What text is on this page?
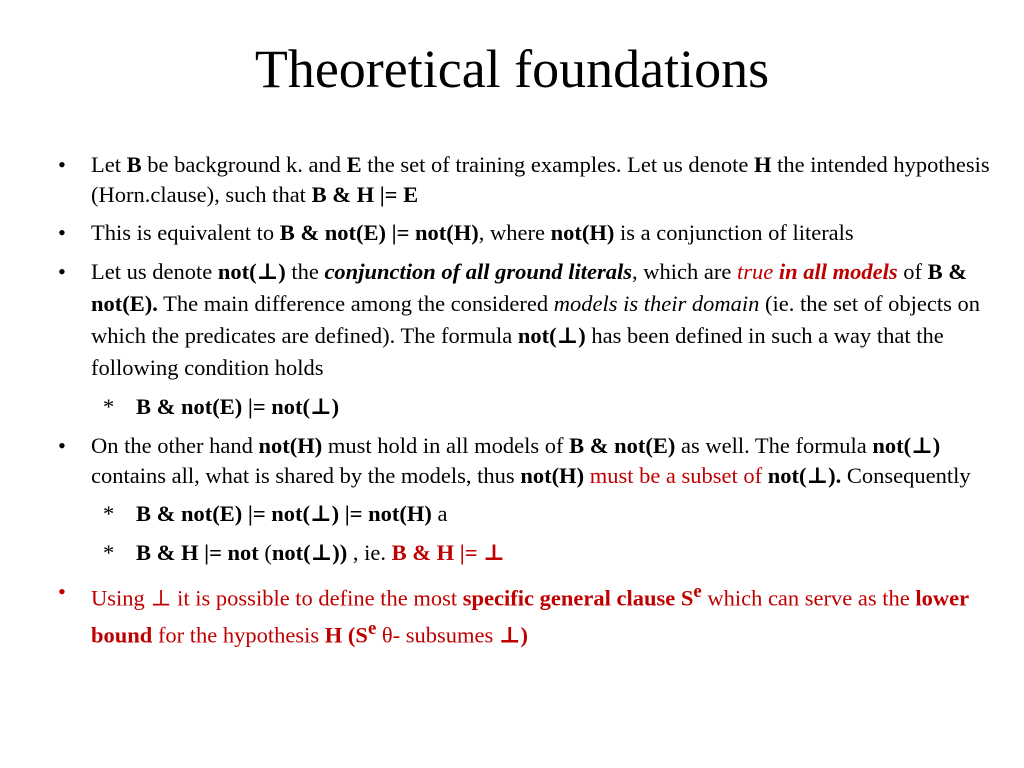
Theoretical foundations
• Let B be background k. and E the set of training examples. Let us denote H the intended hypothesis (Horn.clause), such that B & H |= E
• This is equivalent to B & not(E) |= not(H), where not(H) is a conjunction of literals
• Let us denote not(⊥) the conjunction of all ground literals, which are true in all models of B & not(E). The main difference among the considered models is their domain (ie. the set of objects on which the predicates are defined). The formula not(⊥) has been defined in such a way that the following condition holds
* B & not(E) |= not(⊥)
• On the other hand not(H) must hold in all models of B & not(E) as well. The formula not(⊥) contains all, what is shared by the models, thus not(H) must be a subset of not(⊥). Consequently
* B & not(E) |= not(⊥) |= not(H) a
* B & H |= not (not(⊥)) , ie. B & H |= ⊥
• Using ⊥ it is possible to define the most specific general clause $S^e$ which can serve as the lower bound for the hypothesis H ($S^e$ θ- subsumes ⊥)
